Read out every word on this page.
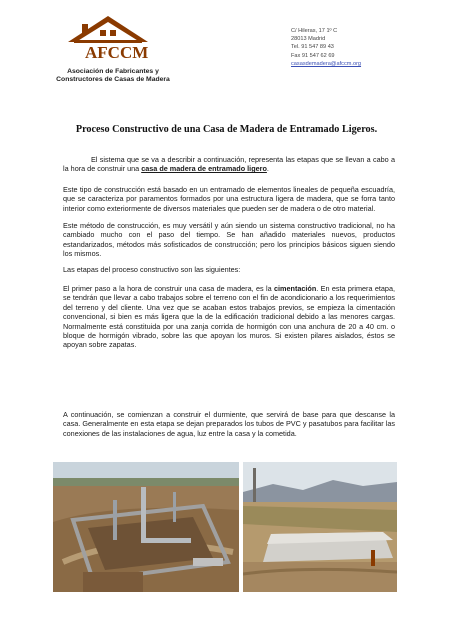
AFCCM
Asociación de Fabricantes y
Constructores de Casas de Madera
C/ Hileras, 17 1º C
28013 Madrid
Tel. 91 547 89 43
Fax 91 547 62 69
casasdemadera@afccm.org
Proceso Constructivo de una Casa de Madera de Entramado Ligeros.
El sistema que se va a describir a continuación, representa las etapas que se llevan a cabo a la hora de construir una casa de madera de entramado ligero.
Este tipo de construcción está basado en un entramado de elementos lineales de pequeña escuadría, que se caracteriza por paramentos formados por una estructura ligera de madera, que se forra tanto interior como exteriormente de diversos materiales que pueden ser de madera o de otro material.
Este método de construcción, es muy versátil y aún siendo un sistema constructivo tradicional, no ha cambiado mucho con el paso del tiempo. Se han añadido materiales nuevos, productos estandarizados, métodos más sofisticados de construcción; pero los principios básicos siguen siendo los mismos.
Las etapas del proceso constructivo son las siguientes:
El primer paso a la hora de construir una casa de madera, es la cimentación. En esta primera etapa, se tendrán que llevar a cabo trabajos sobre el terreno con el fin de acondicionario a los requerimientos del terreno y del cliente. Una vez que se acaban estos trabajos previos, se empieza la cimentación convencional, si bien es más ligera que la de la edificación tradicional debido a las menores cargas. Normalmente está constituida por una zanja corrida de hormigón con una anchura de 20 a 40 cm. o bloque de hormigón vibrado, sobre las que apoyan los muros. Si existen pilares aislados, éstos se apoyan sobre zapatas.
A continuación, se comienzan a construir el durmiente, que servirá de base para que descanse la casa. Generalmente en esta etapa se dejan preparados los tubos de PVC y pasatubos para facilitar las conexiones de las instalaciones de agua, luz entre la casa y la cometida.
